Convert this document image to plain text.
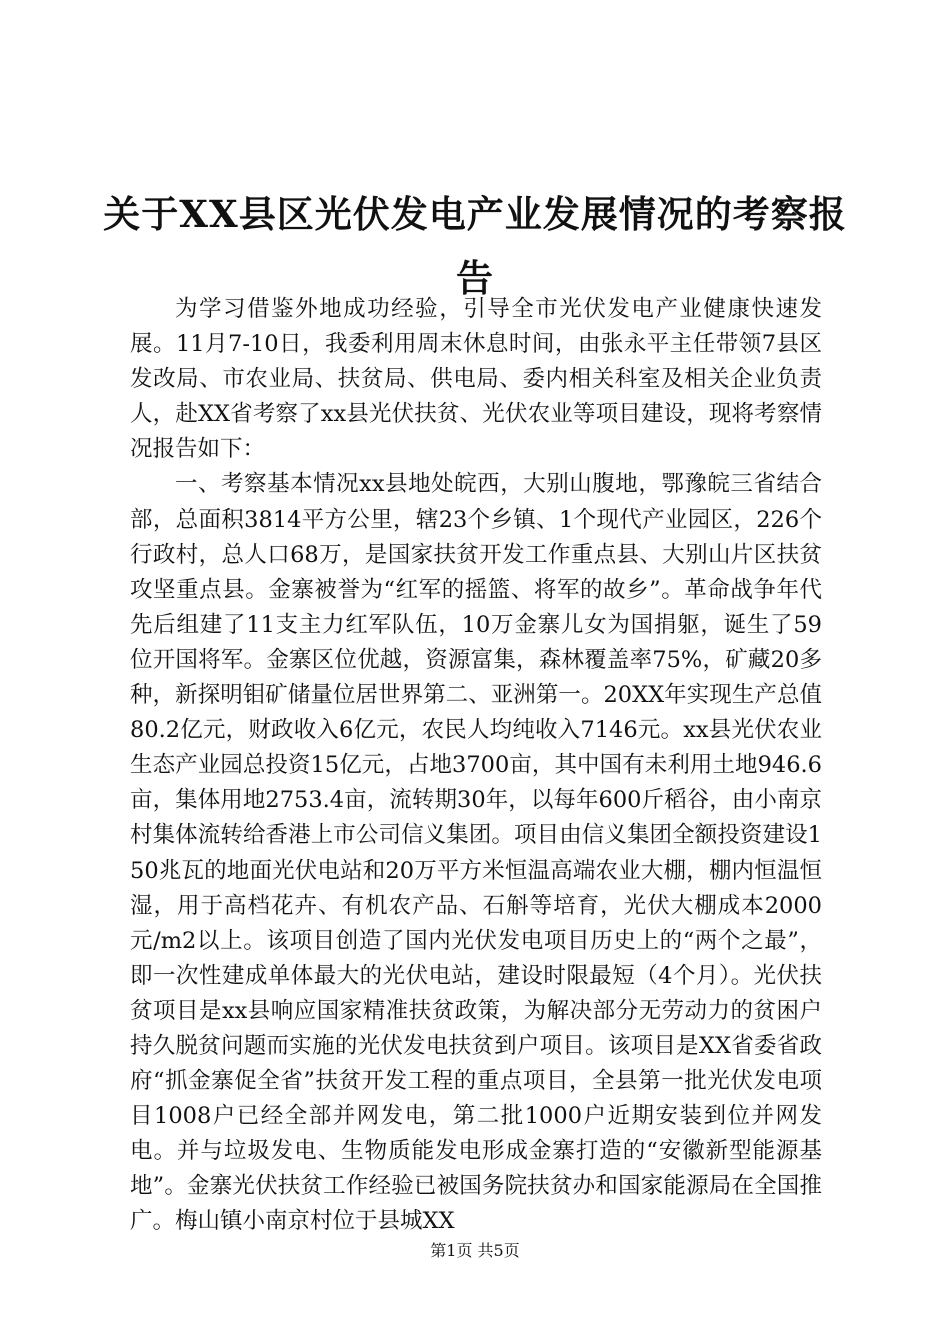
关于XX县区光伏发电产业发展情况的考察报
告

为学习借鉴外地成功经验，引导全市光伏发电产业健康快速发展。11月7-10日，我委利用周末休息时间，由张永平主任带领7县区发改局、市农业局、扶贫局、供电局、委内相关科室及相关企业负责人，赴XX省考察了xx县光伏扶贫、光伏农业等项目建设，现将考察情况报告如下：

一、考察基本情况xx县地处皖西，大别山腹地，鄂豫皖三省结合部，总面积3814平方公里，辖23个乡镇、1个现代产业园区，226个行政村，总人口68万，是国家扶贫开发工作重点县、大别山片区扶贫攻坚重点县。金寨被誉为“红军的摇篮、将军的故乡”。革命战争年代先后组建了11支主力红军队伍，10万金寨儿女为国捐躯，诞生了59位开国将军。金寨区位优越，资源富集，森林覆盖率75%，矿藏20多种，新探明钼矿储量位居世界第二、亚洲第一。20XX年实现生产总值80.2亿元，财政收入6亿元，农民人均纯收入7146元。xx县光伏农业生态产业园总投资15亿元，占地3700亩，其中国有未利用土地946.6亩，集体用地2753.4亩，流转期30年，以每年600斤稻谷，由小南京村集体流转给香港上市公司信义集团。项目由信义集团全额投资建设150兆瓦的地面光伏电站和20万平方米恒温高端农业大棚，棚内恒温恒湿，用于高档花卉、有机农产品、石斛等培育，光伏大棚成本2000元/m2以上。该项目创造了国内光伏发电项目历史上的“两个之最”，即一次性建成单体最大的光伏电站，建设时限最短（4个月）。光伏扶贫项目是xx县响应国家精准扶贫政策，为解决部分无劳动力的贫困户持久脱贫问题而实施的光伏发电扶贫到户项目。该项目是XX省委省政府“抓金寨促全省”扶贫开发工程的重点项目，全县第一批光伏发电项目1008户已经全部并网发电，第二批1000户近期安装到位并网发电。并与垃圾发电、生物质能发电形成金寨打造的“安徽新型能源基地”。金寨光伏扶贫工作经验已被国务院扶贫办和国家能源局在全国推广。梅山镇小南京村位于县城XX

第1页 共5页
